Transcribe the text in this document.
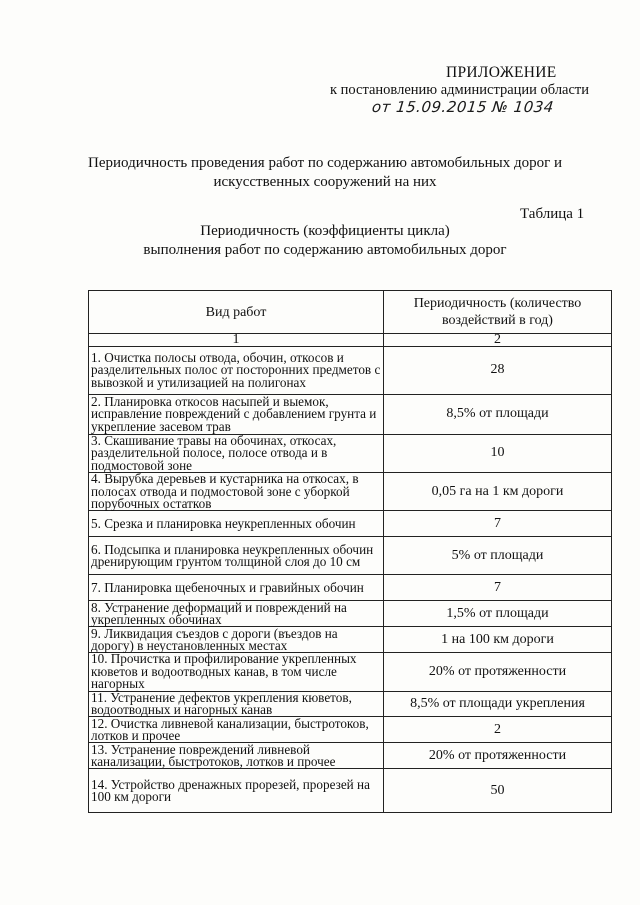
ПРИЛОЖЕНИЕ
к постановлению администрации области
от 15.09.2015 № 1034
Периодичность проведения работ по содержанию автомобильных дорог и
искусственных сооружений на них
Таблица 1
Периодичность (коэффициенты цикла)
выполнения работ по содержанию автомобильных дорог
Вид работ	Периодичность (количество воздействий в год)
1	2
1. Очистка полосы отвода, обочин, откосов и разделительных полос от посторонних предметов с вывозкой и утилизацией на полигонах	28
2. Планировка откосов насыпей и выемок, исправление повреждений с добавлением грунта и укрепление засевом трав	8,5% от площади
3. Скашивание травы на обочинах, откосах, разделительной полосе, полосе отвода и в подмостовой зоне	10
4. Вырубка деревьев и кустарника на откосах, в полосах отвода и подмостовой зоне с уборкой порубочных остатков	0,05 га на 1 км дороги
5. Срезка и планировка неукрепленных обочин	7
6. Подсыпка и планировка неукрепленных обочин дренирующим грунтом толщиной слоя до 10 см	5% от площади
7. Планировка щебеночных и гравийных обочин	7
8. Устранение деформаций и повреждений на укрепленных обочинах	1,5% от площади
9. Ликвидация съездов с дороги (въездов на дорогу) в неустановленных местах	1 на 100 км дороги
10. Прочистка и профилирование укрепленных кюветов и водоотводных канав, в том числе нагорных	20% от протяженности
11. Устранение дефектов укрепления кюветов, водоотводных и нагорных канав	8,5% от площади укрепления
12. Очистка ливневой канализации, быстротоков, лотков и прочее	2
13. Устранение повреждений ливневой канализации, быстротоков, лотков и прочее	20% от протяженности
14. Устройство дренажных прорезей, прорезей на 100 км дороги	50
